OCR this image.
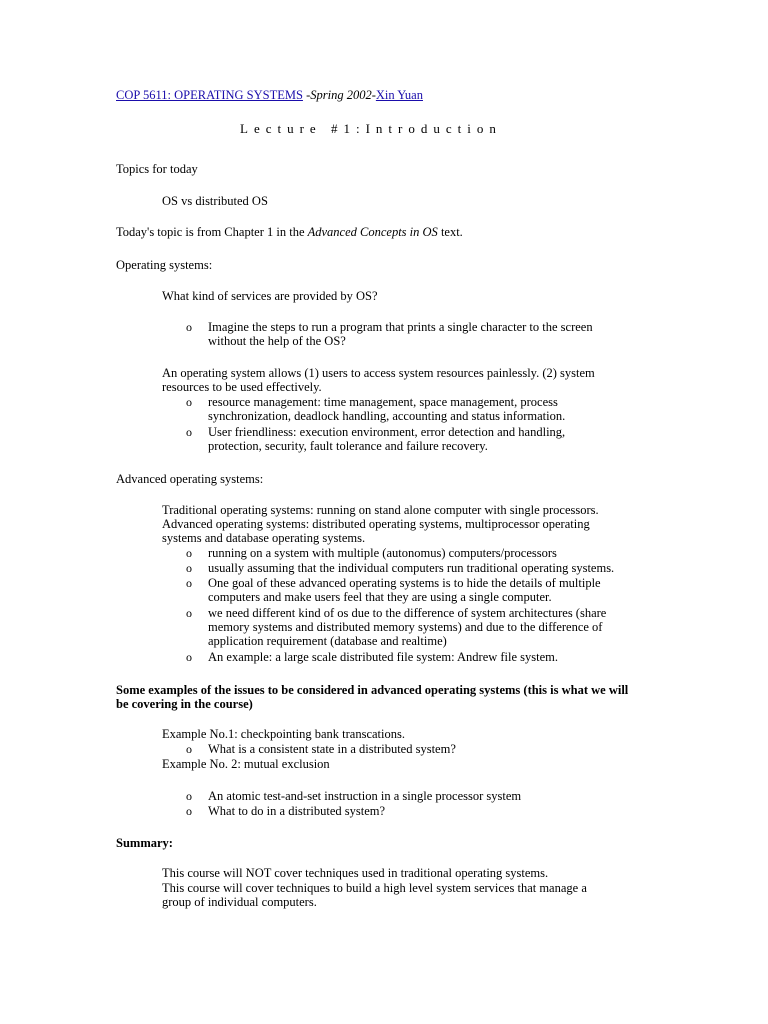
COP 5611: OPERATING SYSTEMS -Spring 2002-Xin Yuan
Lecture #1:Introduction
Topics for today
OS vs distributed OS
Today's topic is from Chapter 1 in the Advanced Concepts in OS text.
Operating systems:
What kind of services are provided by OS?
o Imagine the steps to run a program that prints a single character to the screen
without the help of the OS?
An operating system allows (1) users to access system resources painlessly. (2) system
resources to be used effectively.
o resource management: time management, space management, process
synchronization, deadlock handling, accounting and status information.
o User friendliness: execution environment, error detection and handling,
protection, security, fault tolerance and failure recovery.
Advanced operating systems:
Traditional operating systems: running on stand alone computer with single processors.
Advanced operating systems: distributed operating systems, multiprocessor operating
systems and database operating systems.
o running on a system with multiple (autonomus) computers/processors
o usually assuming that the individual computers run traditional operating systems.
o One goal of these advanced operating systems is to hide the details of multiple
computers and make users feel that they are using a single computer.
o we need different kind of os due to the difference of system architectures (share
memory systems and distributed memory systems) and due to the difference of
application requirement (database and realtime)
o An example: a large scale distributed file system: Andrew file system.
Some examples of the issues to be considered in advanced operating systems (this is what we will
be covering in the course)
Example No.1: checkpointing bank transcations.
o What is a consistent state in a distributed system?
Example No. 2: mutual exclusion
o An atomic test-and-set instruction in a single processor system
o What to do in a distributed system?
Summary:
This course will NOT cover techniques used in traditional operating systems.
This course will cover techniques to build a high level system services that manage a
group of individual computers.
